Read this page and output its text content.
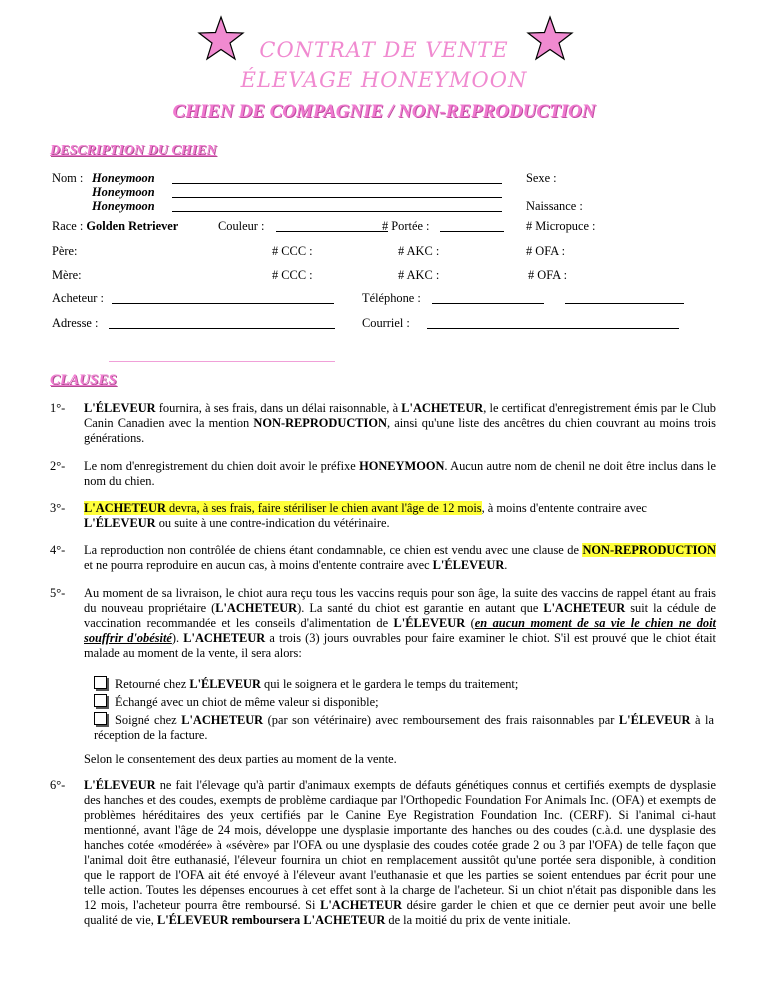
CONTRAT DE VENTE
ÉLEVAGE HONEYMOON
CHIEN DE COMPAGNIE / NON-REPRODUCTION
DESCRIPTION DU CHIEN
Nom : Honeymoon
Honeymoon
Honeymoon
Sexe :
Naissance :
Race : Golden Retriever	Couleur :	# Portée :	# Micropuce :
Père:	# CCC :	# AKC :	# OFA :
Mère:	# CCC :	# AKC :	# OFA :
Acheteur :	Téléphone :
Adresse :	Courriel :
CLAUSES
1°-	L'ÉLEVEUR fournira, à ses frais, dans un délai raisonnable, à L'ACHETEUR, le certificat d'enregistrement émis par le Club Canin Canadien avec la mention NON-REPRODUCTION, ainsi qu'une liste des ancêtres du chien couvrant au moins trois générations.
2°-	Le nom d'enregistrement du chien doit avoir le préfixe HONEYMOON. Aucun autre nom de chenil ne doit être inclus dans le nom du chien.
3°-	L'ACHETEUR devra, à ses frais, faire stériliser le chien avant l'âge de 12 mois, à moins d'entente contraire avec
L'ÉLEVEUR ou suite à une contre-indication du vétérinaire.
4°-	La reproduction non contrôlée de chiens étant condamnable, ce chien est vendu avec une clause de NON-REPRODUCTION et ne pourra reproduire en aucun cas, à moins d'entente contraire avec L'ÉLEVEUR.
5°-	Au moment de sa livraison, le chiot aura reçu tous les vaccins requis pour son âge, la suite des vaccins de rappel étant au frais du nouveau propriétaire (L'ACHETEUR). La santé du chiot est garantie en autant que L'ACHETEUR suit la cédule de vaccination recommandée et les conseils d'alimentation de L'ÉLEVEUR (en aucun moment de sa vie le chien ne doit souffrir d'obésité). L'ACHETEUR a trois (3) jours ouvrables pour faire examiner le chiot. S'il est prouvé que le chiot était malade au moment de la vente, il sera alors:
Retourné chez L'ÉLEVEUR qui le soignera et le gardera le temps du traitement;
Échangé avec un chiot de même valeur si disponible;
Soigné chez L'ACHETEUR (par son vétérinaire) avec remboursement des frais raisonnables par L'ÉLEVEUR à la réception de la facture.
Selon le consentement des deux parties au moment de la vente.
6°-	L'ÉLEVEUR ne fait l'élevage qu'à partir d'animaux exempts de défauts génétiques connus et certifiés exempts de dysplasie des hanches et des coudes, exempts de problème cardiaque par l'Orthopedic Foundation For Animals Inc. (OFA) et exempts de problèmes héréditaires des yeux certifiés par le Canine Eye Registration Foundation Inc. (CERF). Si l'animal ci-haut mentionné, avant l'âge de 24 mois, développe une dysplasie importante des hanches ou des coudes (c.à.d. une dysplasie des hanches cotée «modérée» à «sévère» par l'OFA ou une dysplasie des coudes cotée grade 2 ou 3 par l'OFA) de telle façon que l'animal doit être euthanasié, l'éleveur fournira un chiot en remplacement aussitôt qu'une portée sera disponible, à condition que le rapport de l'OFA ait été envoyé à l'éleveur avant l'euthanasie et que les parties se soient entendues par écrit pour une telle action. Toutes les dépenses encourues à cet effet sont à la charge de l'acheteur. Si un chiot n'était pas disponible dans les 12 mois, l'acheteur pourra être remboursé. Si L'ACHETEUR désire garder le chien et que ce dernier peut avoir une belle qualité de vie, L'ÉLEVEUR remboursera L'ACHETEUR de la moitié du prix de vente initiale.
